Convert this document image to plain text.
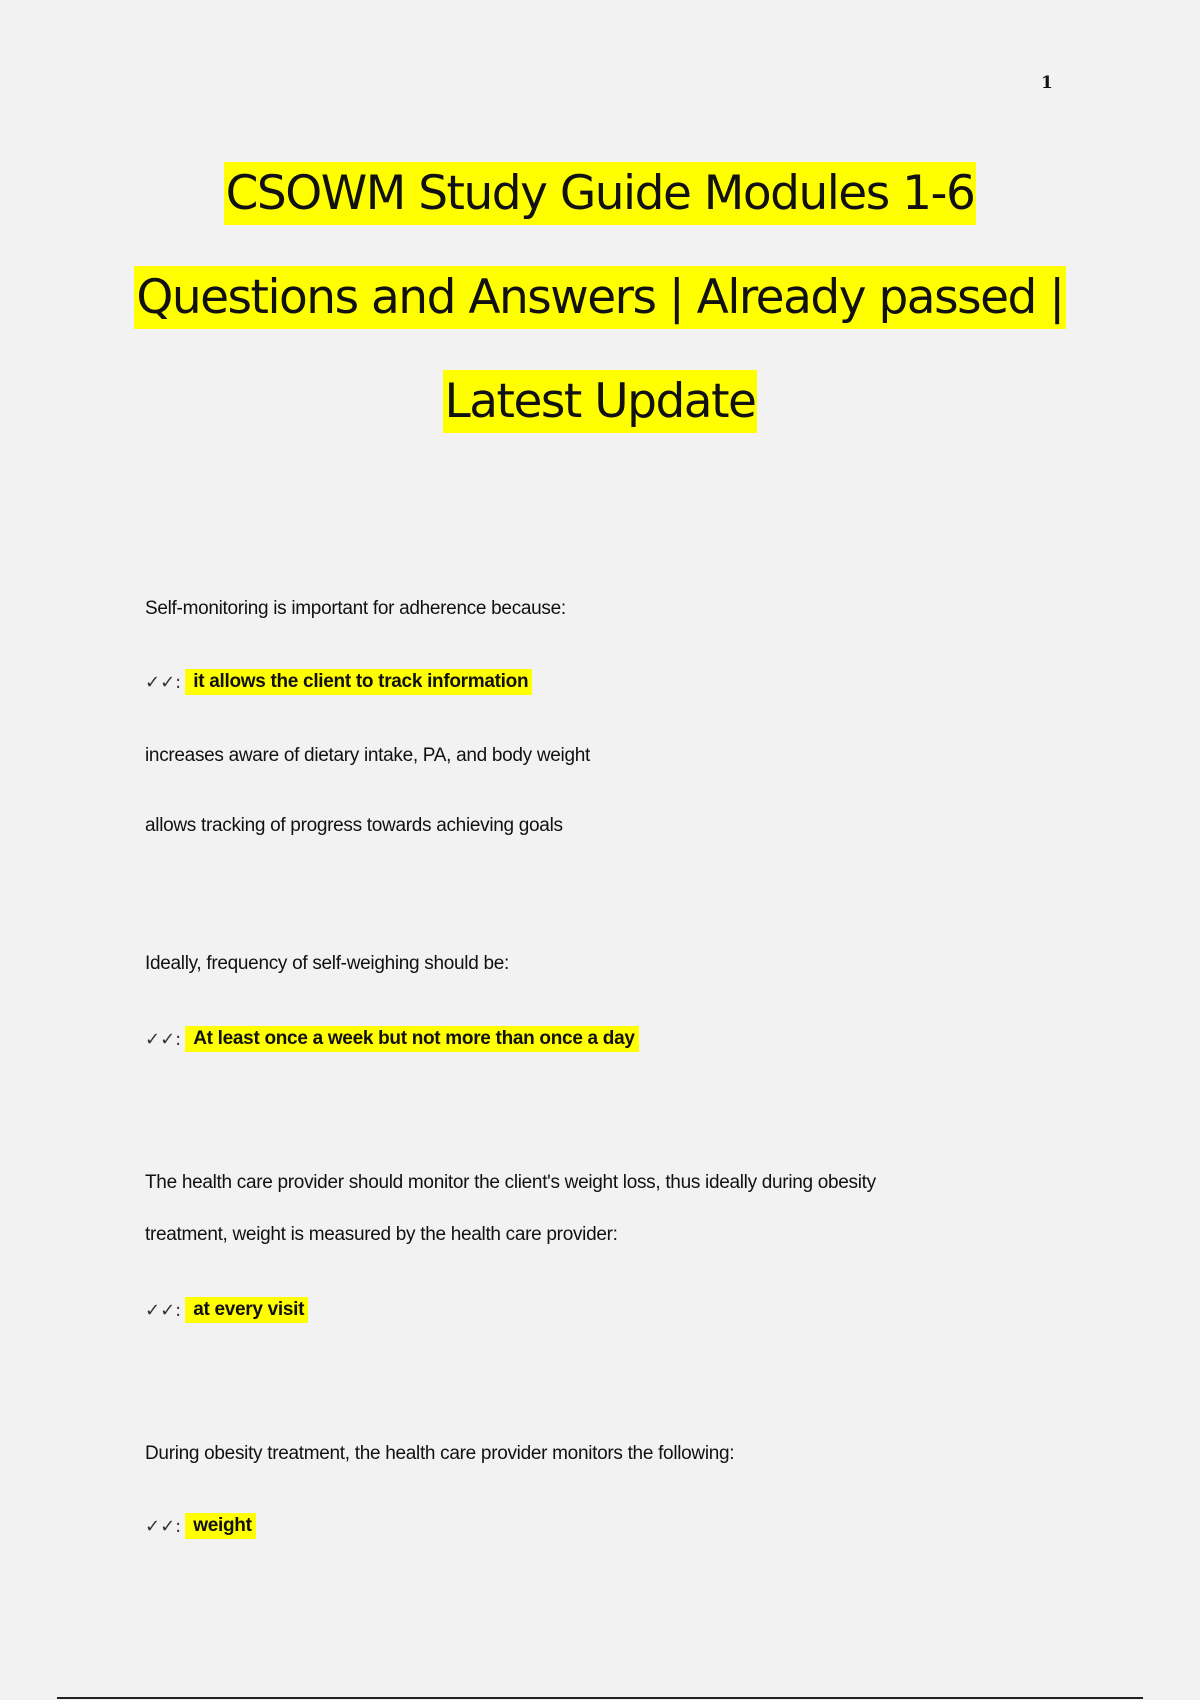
1
CSOWM Study Guide Modules 1-6
Questions and Answers | Already passed |
Latest Update
Self-monitoring is important for adherence because:
✓✓: it allows the client to track information
increases aware of dietary intake, PA, and body weight
allows tracking of progress towards achieving goals
Ideally, frequency of self-weighing should be:
✓✓: At least once a week but not more than once a day
The health care provider should monitor the client's weight loss, thus ideally during obesity
treatment, weight is measured by the health care provider:
✓✓: at every visit
During obesity treatment, the health care provider monitors the following:
✓✓: weight
